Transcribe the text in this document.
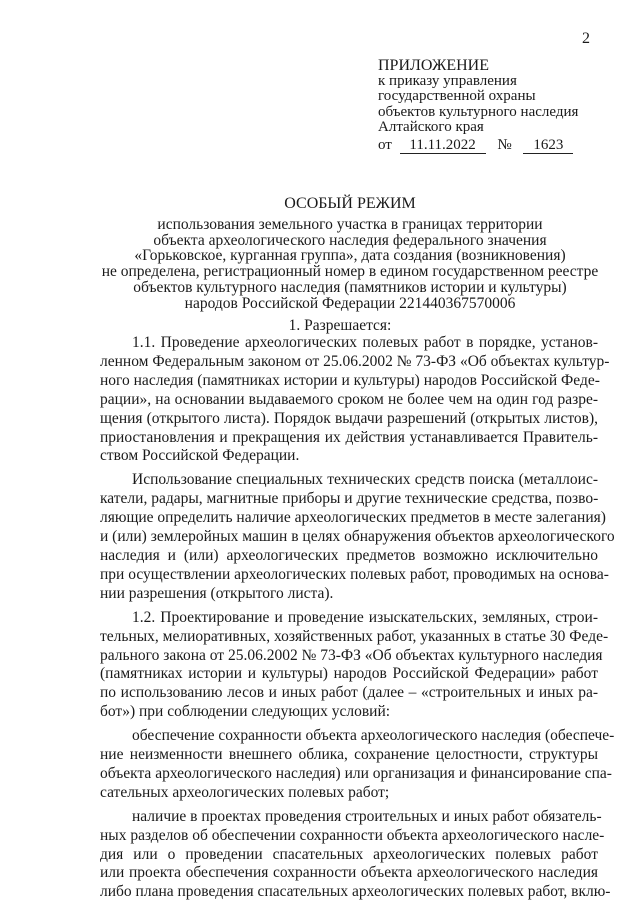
2
ПРИЛОЖЕНИЕ
к приказу управления
государственной охраны
объектов культурного наследия
Алтайского края
от 11.11.2022 № 1623
ОСОБЫЙ РЕЖИМ
использования земельного участка в границах территории
объекта археологического наследия федерального значения
«Горьковское, курганная группа», дата создания (возникновения)
не определена, регистрационный номер в едином государственном реестре
объектов культурного наследия (памятников истории и культуры)
народов Российской Федерации 221440367570006
1. Разрешается:

1.1. Проведение археологических полевых работ в порядке, установ-
ленном Федеральным законом от 25.06.2002 № 73-ФЗ «Об объектах культур-
ного наследия (памятниках истории и культуры) народов Российской Феде-
рации», на основании выдаваемого сроком не более чем на один год разре-
щения (открытого листа). Порядок выдачи разрешений (открытых листов),
приостановления и прекращения их действия устанавливается Правитель-
ством Российской Федерации.

Использование специальных технических средств поиска (металлоис-
катели, радары, магнитные приборы и другие технические средства, позво-
ляющие определить наличие археологических предметов в месте залегания)
и (или) землеройных машин в целях обнаружения объектов археологического
наследия и (или) археологических предметов возможно исключительно
при осуществлении археологических полевых работ, проводимых на основа-
нии разрешения (открытого листа).

1.2. Проектирование и проведение изыскательских, земляных, строи-
тельных, мелиоративных, хозяйственных работ, указанных в статье 30 Феде-
рального закона от 25.06.2002 № 73-ФЗ «Об объектах культурного наследия
(памятниках истории и культуры) народов Российской Федерации» работ
по использованию лесов и иных работ (далее – «строительных и иных ра-
бот») при соблюдении следующих условий:

обеспечение сохранности объекта археологического наследия (обеспече-
ние неизменности внешнего облика, сохранение целостности, структуры
объекта археологического наследия) или организация и финансирование спа-
сательных археологических полевых работ;

наличие в проектах проведения строительных и иных работ обязатель-
ных разделов об обеспечении сохранности объекта археологического насле-
дия или о проведении спасательных археологических полевых работ
или проекта обеспечения сохранности объекта археологического наследия
либо плана проведения спасательных археологических полевых работ, вклю-
